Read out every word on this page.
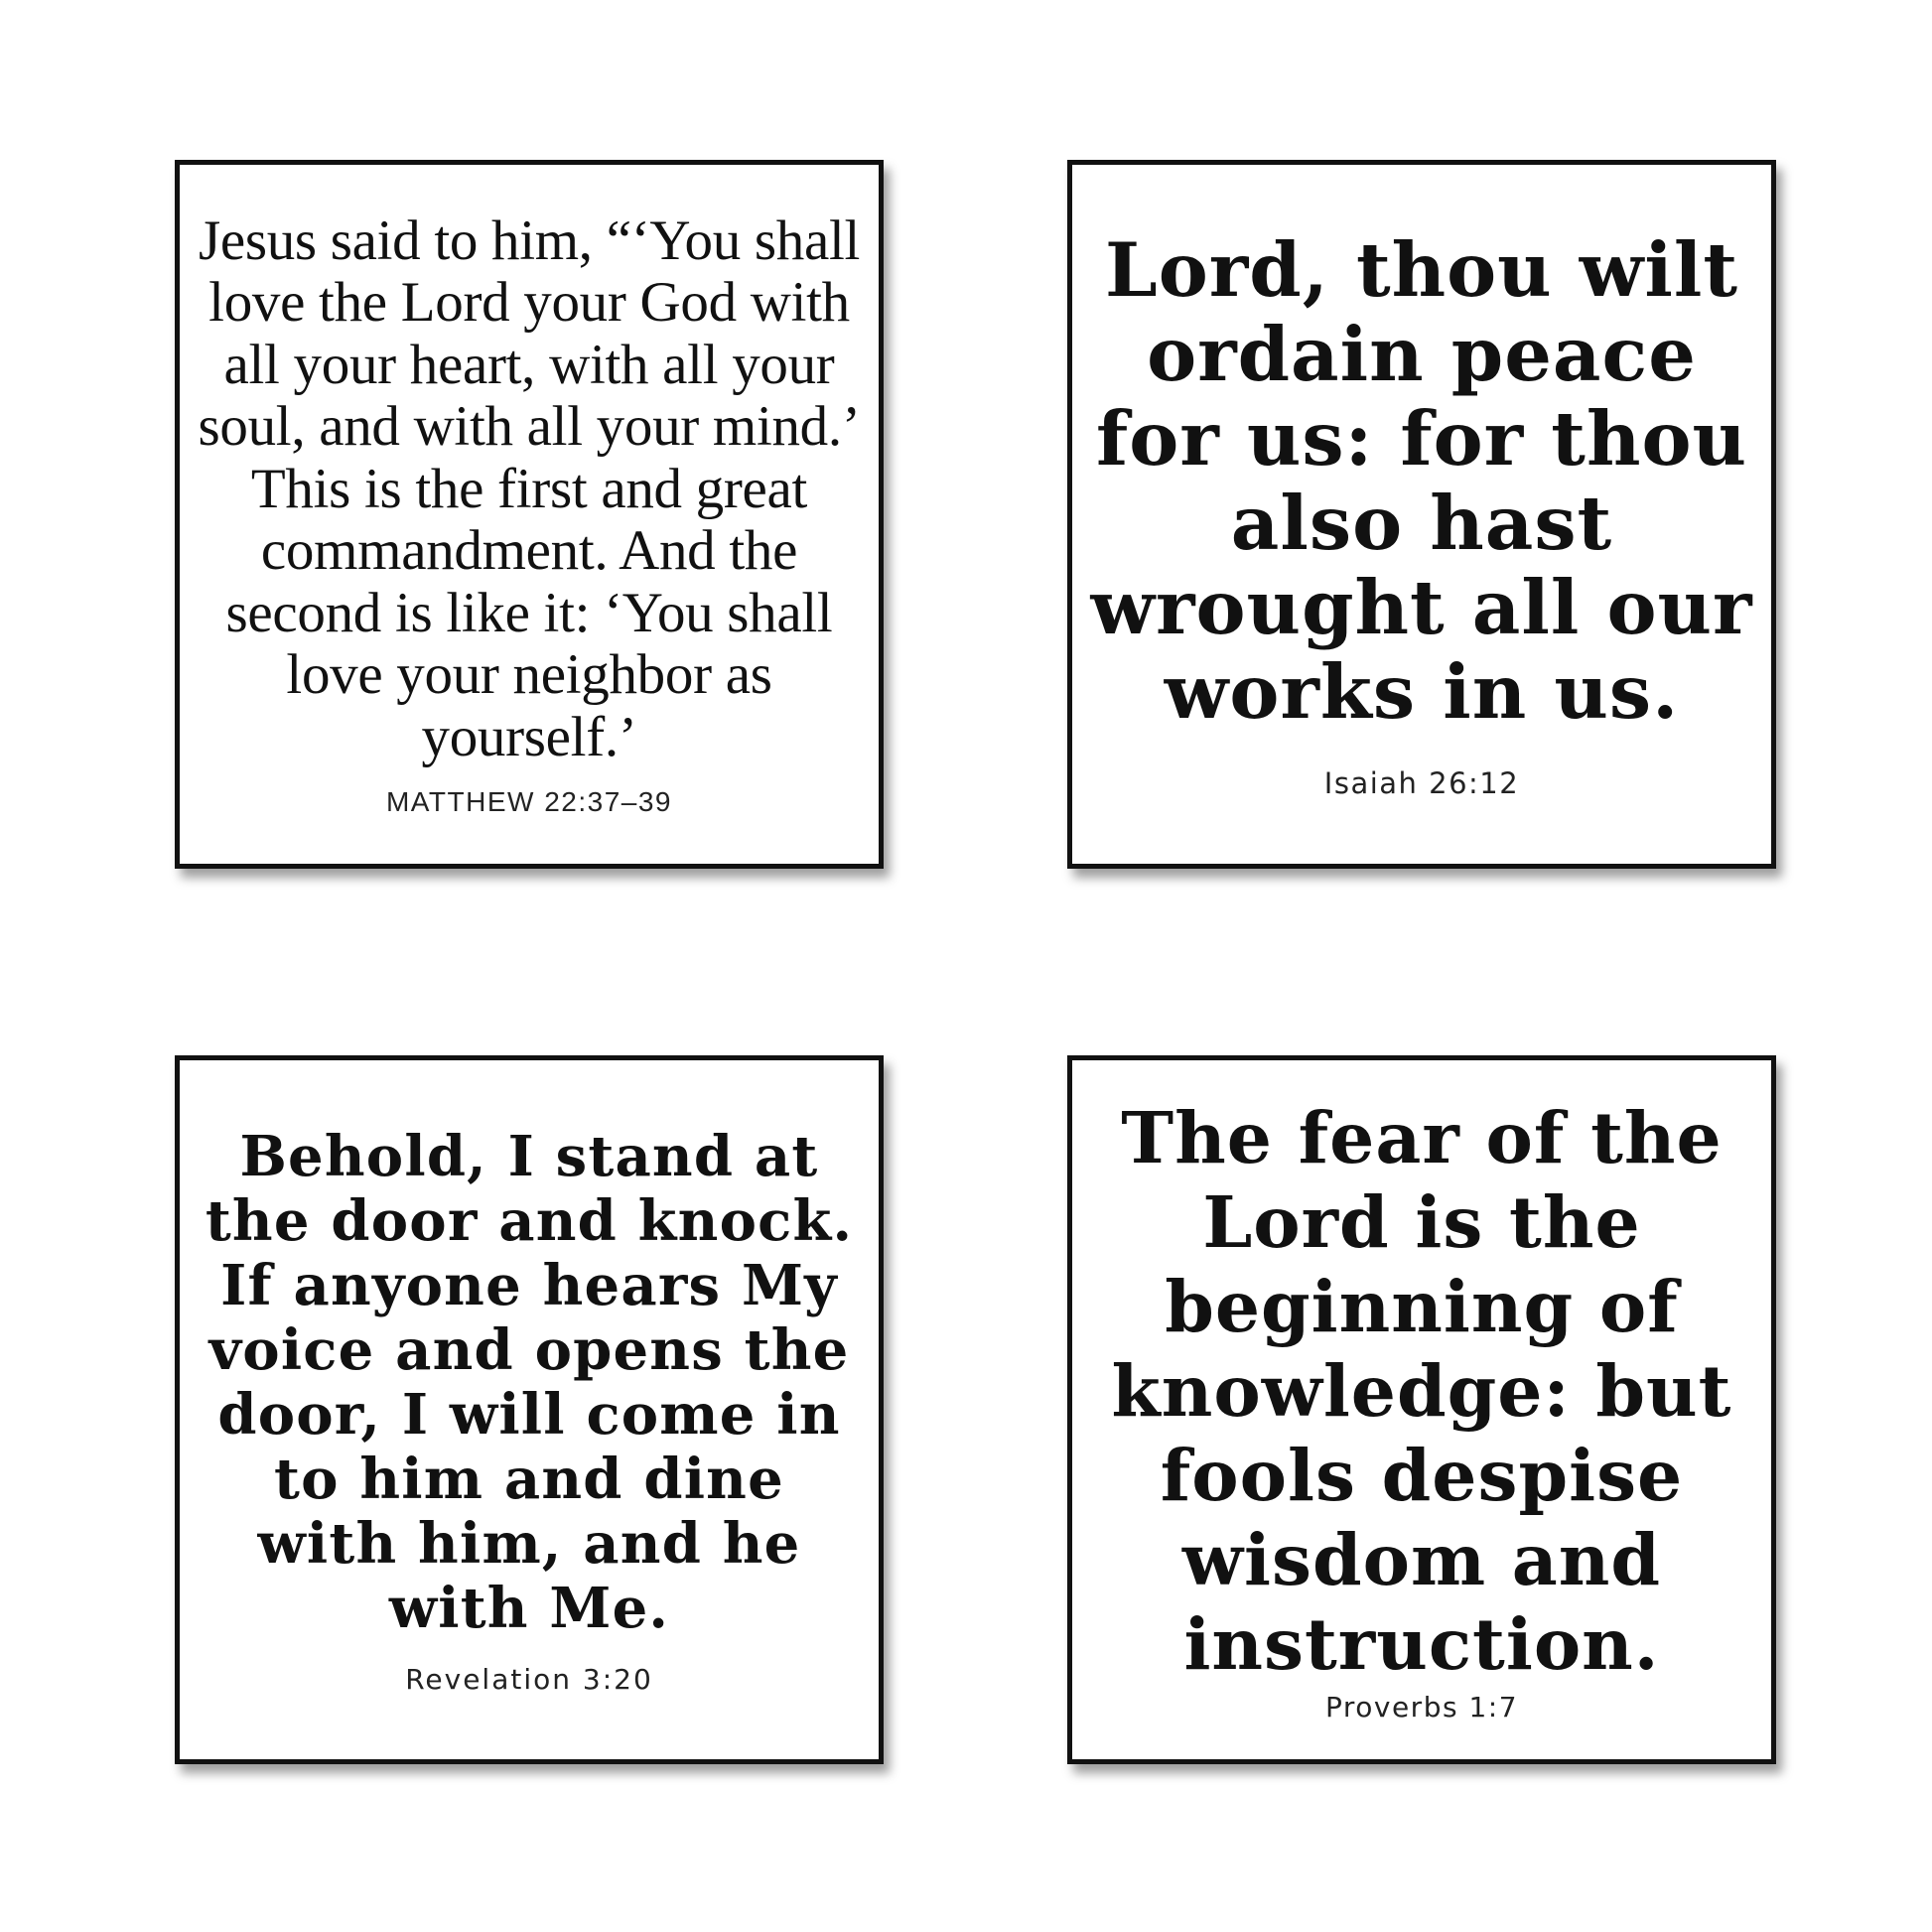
Jesus said to him, “‘You shall
love the Lord your God with
all your heart, with all your
soul, and with all your mind.’
This is the first and great
commandment. And the
second is like it: ‘You shall
love your neighbor as
yourself.’

MATTHEW 22:37–39

Lord, thou wilt
ordain peace
for us: for thou
also hast
wrought all our
works in us.

Isaiah 26:12

Behold, I stand at
the door and knock.
If anyone hears My
voice and opens the
door, I will come in
to him and dine
with him, and he
with Me.

Revelation 3:20

The fear of the
Lord is the
beginning of
knowledge: but
fools despise
wisdom and
instruction.

Proverbs 1:7
